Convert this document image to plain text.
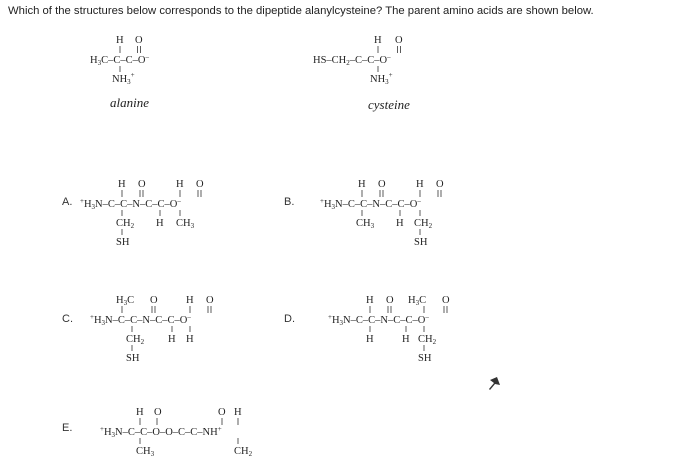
Which of the structures below corresponds to the dipeptide alanylcysteine? The parent amino acids are shown below.
H O
H3C–C–C–O–
NH3+
H O
HS–CH2–C–C–O–
NH3+
H O	H O
+H3N–C–C–N–C–C–O–
CH2 H CH3
SH
H O	H O
+H3N–C–C–N–C–C–O–
CH3 H CH2
SH
H3C O	H O
+H3N–C–C–N–C–C–O–
CH2 H H
SH
H O H3C O
+H3N–C–C–N–C–C–O–
H	H CH2
SH
H O	O H
+H3N–C–C–O–O–C–C–NH+
CH3	CH2
alanine	cysteine
A.	B.
C.	D.
E.
